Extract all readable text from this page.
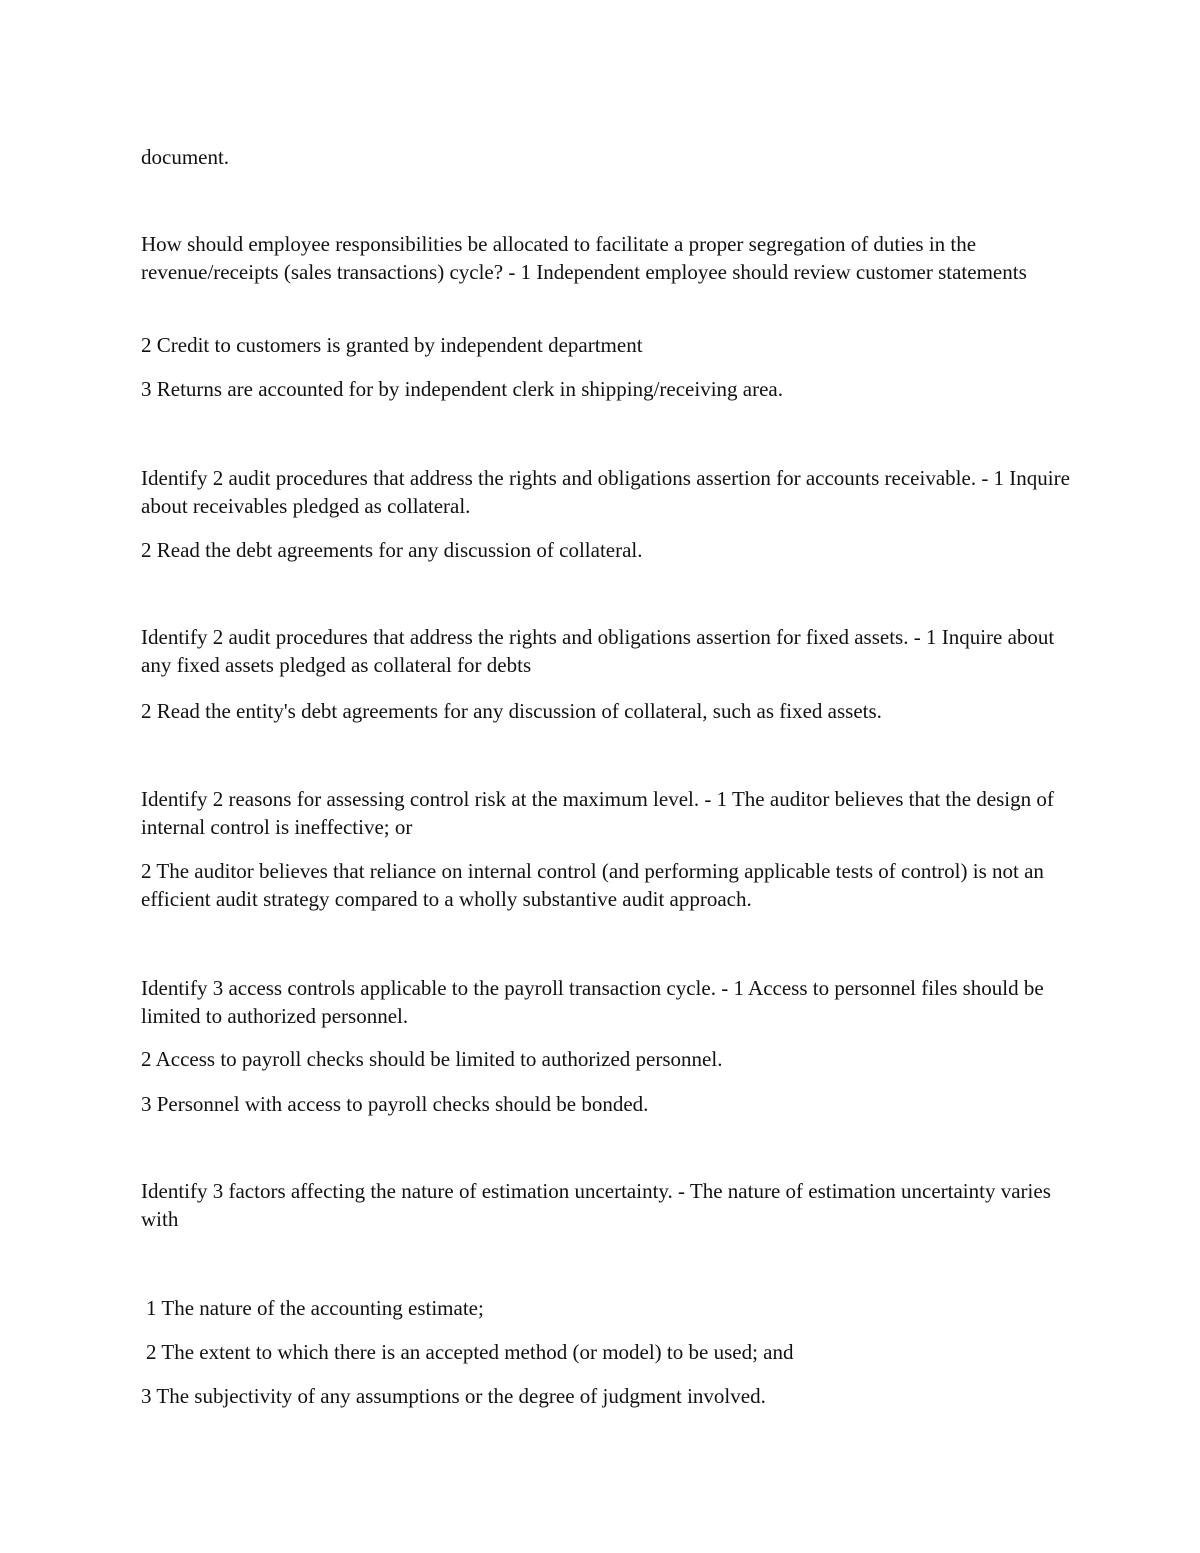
document.

How should employee responsibilities be allocated to facilitate a proper segregation of duties in the revenue/receipts (sales transactions) cycle? - 1 Independent employee should review customer statements

2 Credit to customers is granted by independent department

3 Returns are accounted for by independent clerk in shipping/receiving area.

Identify 2 audit procedures that address the rights and obligations assertion for accounts receivable. - 1 Inquire about receivables pledged as collateral.

2 Read the debt agreements for any discussion of collateral.

Identify 2 audit procedures that address the rights and obligations assertion for fixed assets. - 1 Inquire about any fixed assets pledged as collateral for debts

2 Read the entity's debt agreements for any discussion of collateral, such as fixed assets.

Identify 2 reasons for assessing control risk at the maximum level. - 1 The auditor believes that the design of internal control is ineffective; or

2 The auditor believes that reliance on internal control (and performing applicable tests of control) is not an efficient audit strategy compared to a wholly substantive audit approach.

Identify 3 access controls applicable to the payroll transaction cycle. - 1 Access to personnel files should be limited to authorized personnel.

2 Access to payroll checks should be limited to authorized personnel.

3 Personnel with access to payroll checks should be bonded.

Identify 3 factors affecting the nature of estimation uncertainty. - The nature of estimation uncertainty varies with

1 The nature of the accounting estimate;

2 The extent to which there is an accepted method (or model) to be used; and

3 The subjectivity of any assumptions or the degree of judgment involved.
